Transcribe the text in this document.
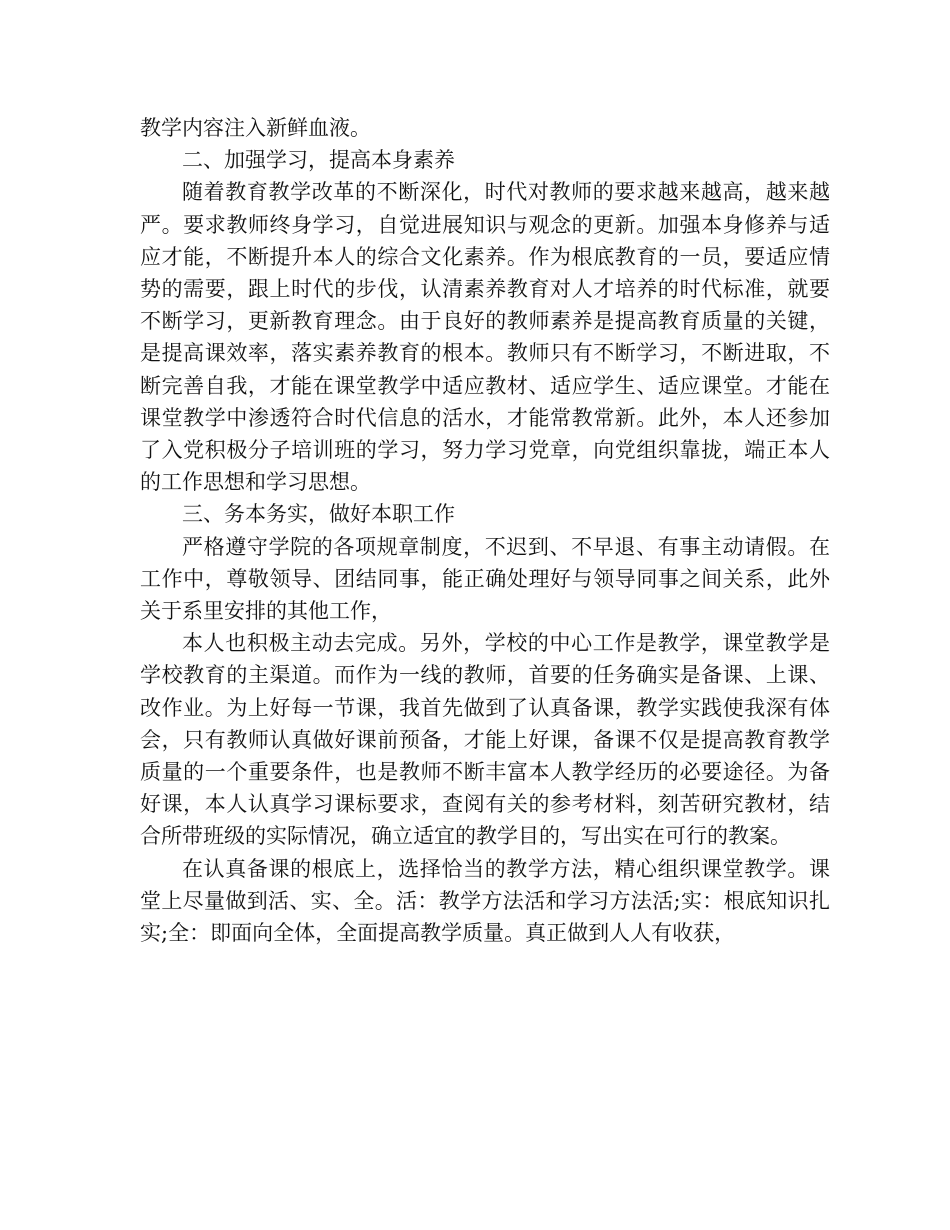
教学内容注入新鲜血液。

二、加强学习，提高本身素养

随着教育教学改革的不断深化，时代对教师的要求越来越高，越来越严。要求教师终身学习，自觉进展知识与观念的更新。加强本身修养与适应才能，不断提升本人的综合文化素养。作为根底教育的一员，要适应情势的需要，跟上时代的步伐，认清素养教育对人才培养的时代标准，就要不断学习，更新教育理念。由于良好的教师素养是提高教育质量的关键，是提高课效率，落实素养教育的根本。教师只有不断学习，不断进取，不断完善自我，才能在课堂教学中适应教材、适应学生、适应课堂。才能在课堂教学中渗透符合时代信息的活水，才能常教常新。此外，本人还参加了入党积极分子培训班的学习，努力学习党章，向党组织靠拢，端正本人的工作思想和学习思想。

三、务本务实，做好本职工作

严格遵守学院的各项规章制度，不迟到、不早退、有事主动请假。在工作中，尊敬领导、团结同事，能正确处理好与领导同事之间关系，此外关于系里安排的其他工作，

本人也积极主动去完成。另外，学校的中心工作是教学，课堂教学是学校教育的主渠道。而作为一线的教师，首要的任务确实是备课、上课、改作业。为上好每一节课，我首先做到了认真备课，教学实践使我深有体会，只有教师认真做好课前预备，才能上好课，备课不仅是提高教育教学质量的一个重要条件，也是教师不断丰富本人教学经历的必要途径。为备好课，本人认真学习课标要求，查阅有关的参考材料，刻苦研究教材，结合所带班级的实际情况，确立适宜的教学目的，写出实在可行的教案。

在认真备课的根底上，选择恰当的教学方法，精心组织课堂教学。课堂上尽量做到活、实、全。活：教学方法活和学习方法活;实：根底知识扎实;全：即面向全体，全面提高教学质量。真正做到人人有收获，
